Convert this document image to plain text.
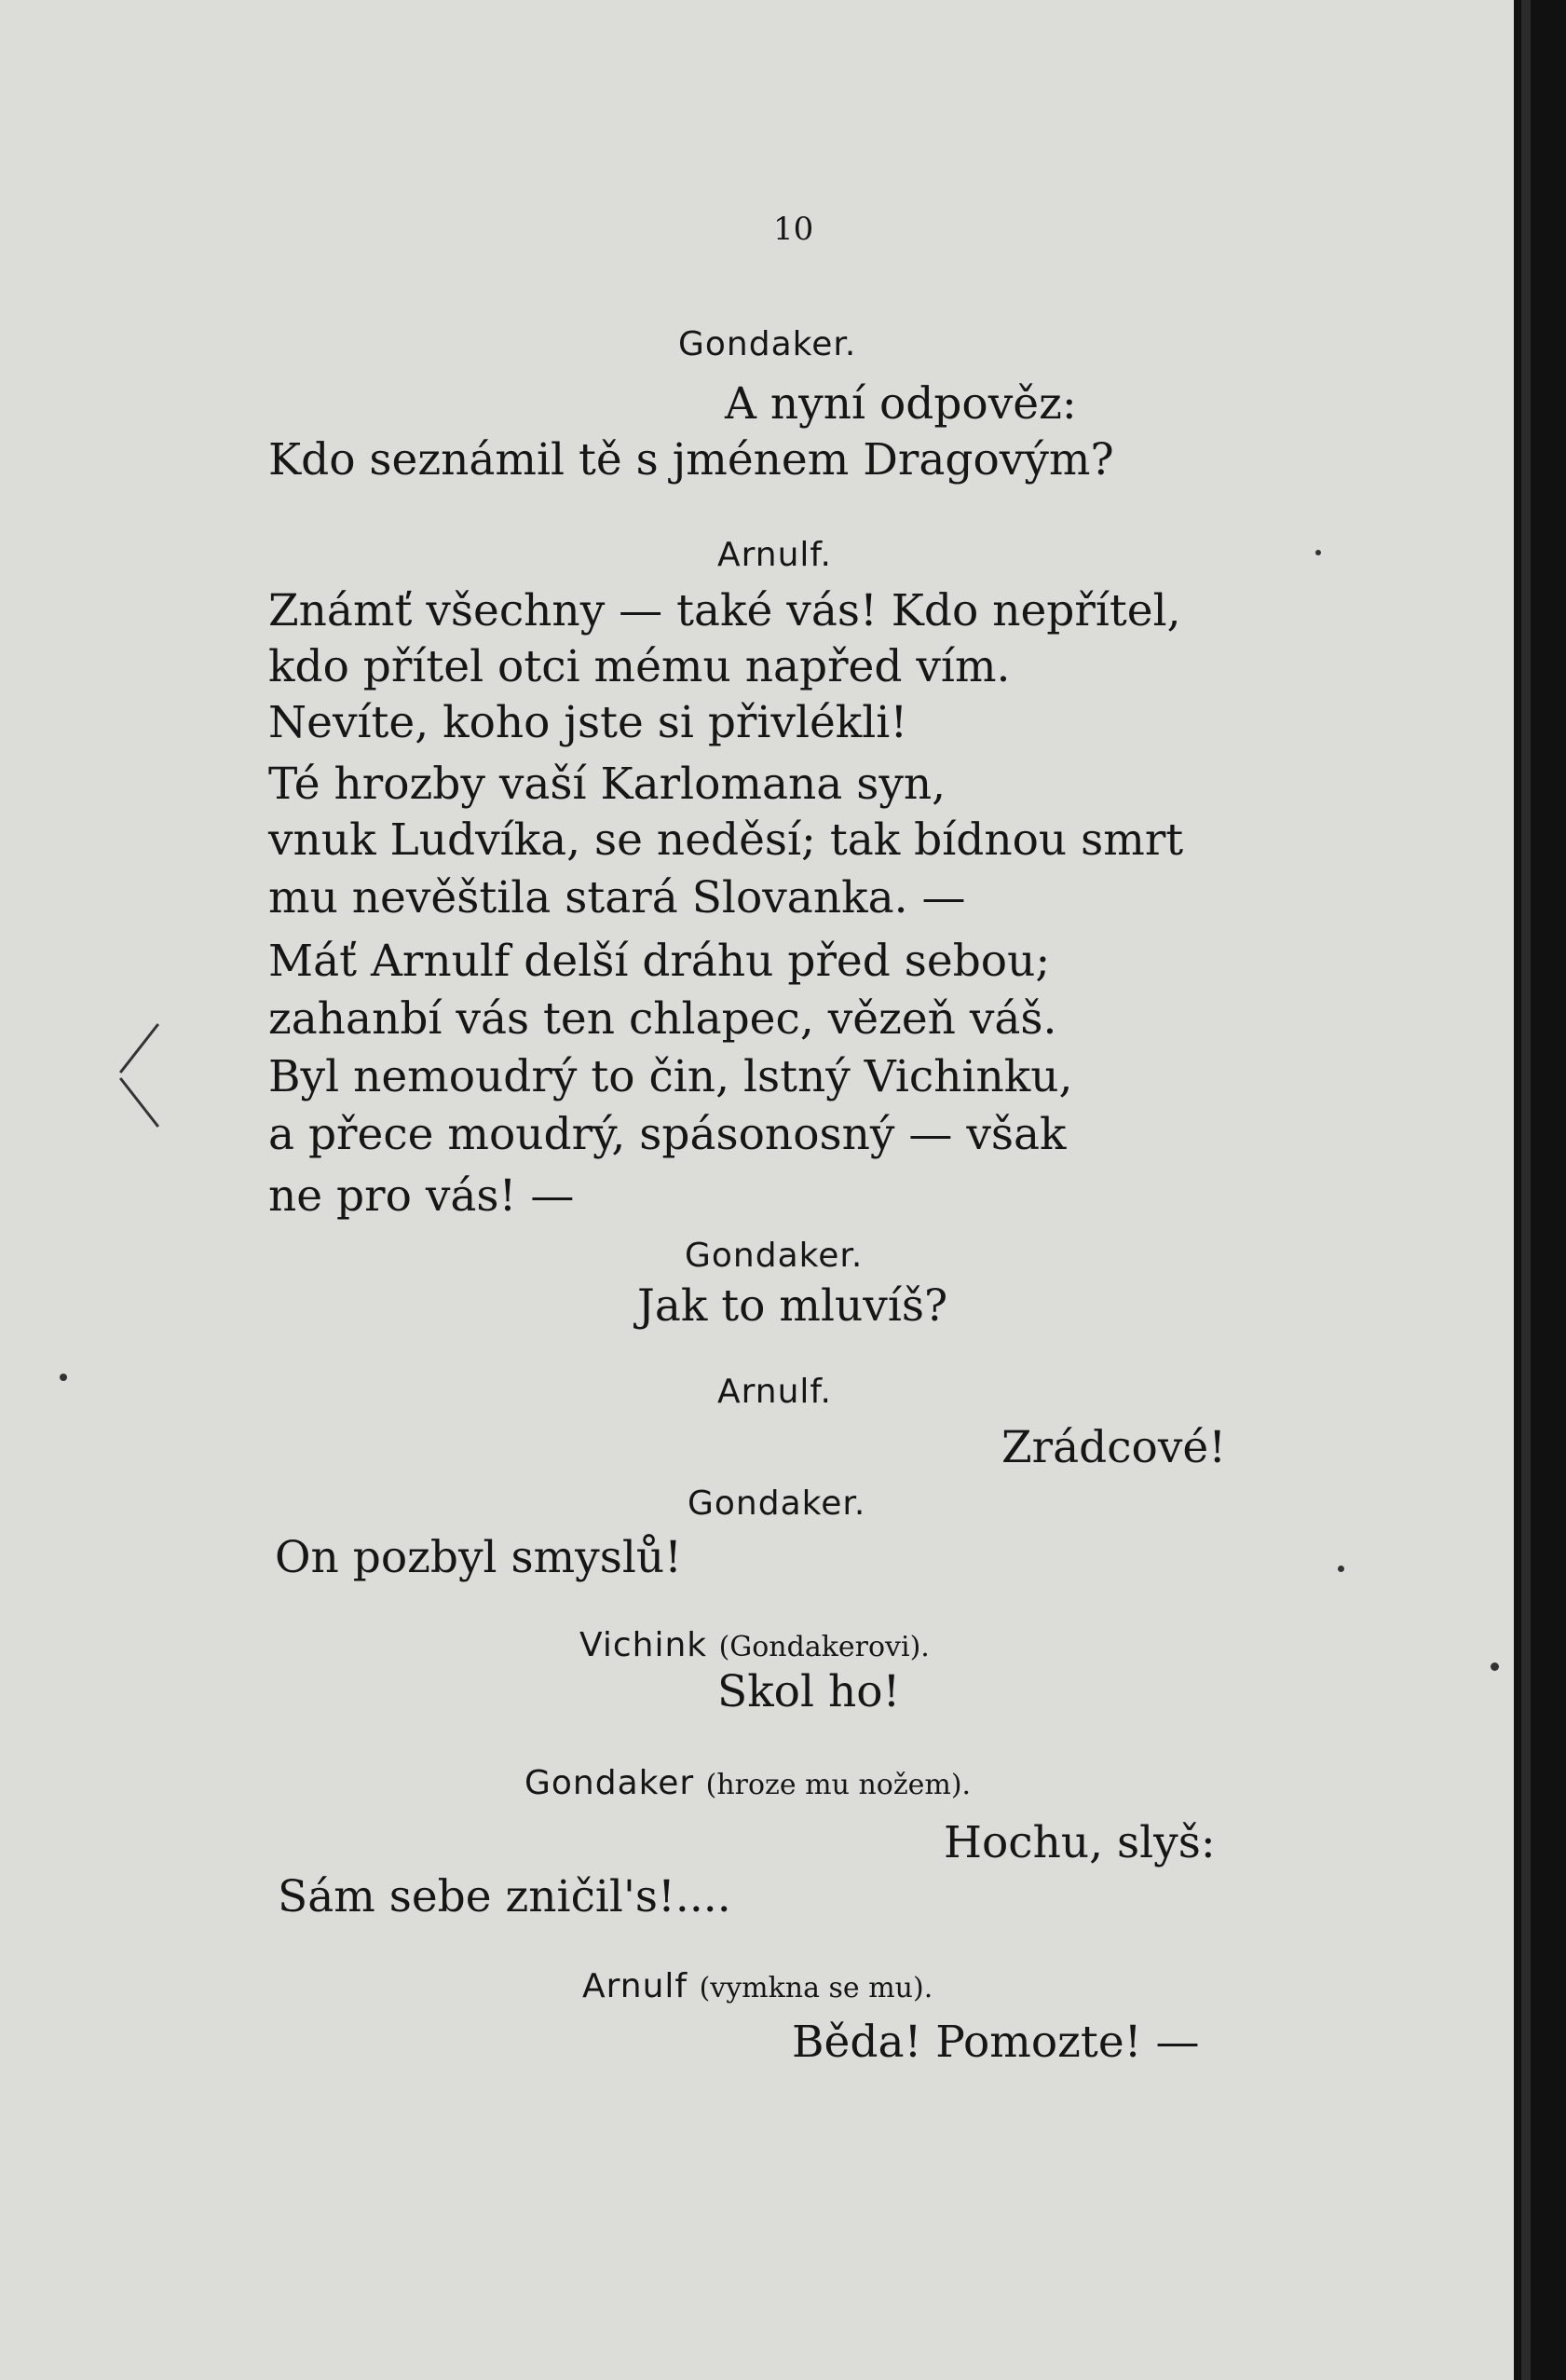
10
Gondaker.
A nyní odpověz:
Kdo seznámil tě s jménem Dragovým?
Arnulf.
Známť všechny — také vás! Kdo nepřítel,
kdo přítel otci mému napřed vím.
Nevíte, koho jste si přivlékli!
Té hrozby vaší Karlomana syn,
vnuk Ludvíka, se neděsí; tak bídnou smrt
mu nevěštila stará Slovanka. —
Máť Arnulf delší dráhu před sebou;
zahanbí vás ten chlapec, vězeň váš.
Byl nemoudrý to čin, lstný Vichinku,
a přece moudrý, spásonosný — však
ne pro vás! —
Gondaker.
Jak to mluvíš?
Arnulf.
Zrádcové!
Gondaker.
On pozbyl smyslů!
Vichink (Gondakerovi).
Skol ho!
Gondaker (hroze mu nožem).
Hochu, slyš:
Sám sebe zničil's!....
Arnulf (vymkna se mu).
Běda! Pomozte! —
